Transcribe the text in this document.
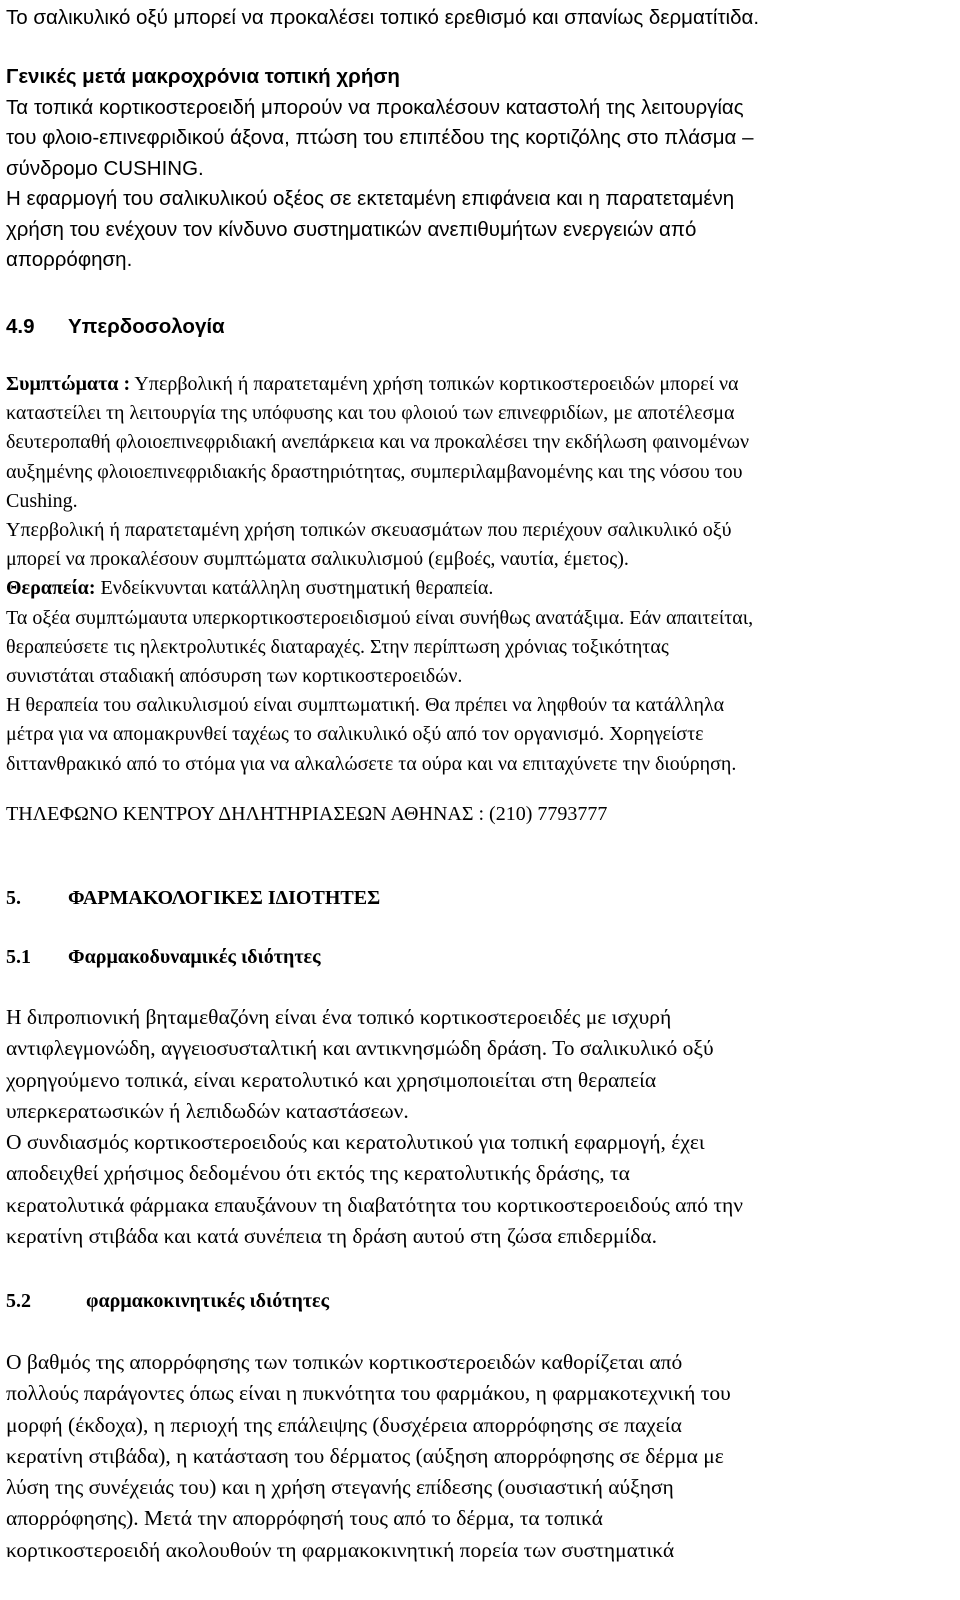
Το σαλικυλικό οξύ μπορεί να προκαλέσει τοπικό ερεθισμό και σπανίως δερματίτιδα.

Γενικές μετά μακροχρόνια τοπική χρήση
Τα τοπικά κορτικοστεροειδή μπορούν να προκαλέσουν καταστολή της λειτουργίας
του φλοιο-επινεφριδικού άξονα, πτώση του επιπέδου της κορτιζόλης στο πλάσμα –
σύνδρομο CUSHING.
Η εφαρμογή του σαλικυλικού οξέος σε εκτεταμένη επιφάνεια και η παρατεταμένη
χρήση του ενέχουν τον κίνδυνο συστηματικών ανεπιθυμήτων ενεργειών από
απορρόφηση.
4.9 Υπερδοσολογία
Συμπτώματα : Υπερβολική ή παρατεταμένη χρήση τοπικών κορτικοστεροειδών μπορεί να
καταστείλει τη λειτουργία της υπόφυσης και του φλοιού των επινεφριδίων, με αποτέλεσμα
δευτεροπαθή φλοιοεπινεφριδιακή ανεπάρκεια και να προκαλέσει την εκδήλωση φαινομένων
αυξημένης φλοιοεπινεφριδιακής δραστηριότητας, συμπεριλαμβανομένης και της νόσου του
Cushing.
Υπερβολική ή παρατεταμένη χρήση τοπικών σκευασμάτων που περιέχουν σαλικυλικό οξύ
μπορεί να προκαλέσουν συμπτώματα σαλικυλισμού (εμβοές, ναυτία, έμετος).
Θεραπεία: Ενδείκνυνται κατάλληλη συστηματική θεραπεία.
Τα οξέα συμπτώμαυτα υπερκορτικοστεροειδισμού είναι συνήθως ανατάξιμα. Εάν απαιτείται,
θεραπεύσετε τις ηλεκτρολυτικές διαταραχές. Στην περίπτωση χρόνιας τοξικότητας
συνιστάται σταδιακή απόσυρση των κορτικοστεροειδών.
Η θεραπεία του σαλικυλισμού είναι συμπτωματική. Θα πρέπει να ληφθούν τα κατάλληλα
μέτρα για να απομακρυνθεί ταχέως το σαλικυλικό οξύ από τον οργανισμό. Χορηγείστε
διττανθρακικό από το στόμα για να αλκαλώσετε τα ούρα και να επιταχύνετε την διούρηση.
ΤΗΛΕΦΩΝΟ ΚΕΝΤΡΟΥ ΔΗΛΗΤΗΡΙΑΣΕΩΝ ΑΘΗΝΑΣ : (210) 7793777
5. ΦΑΡΜΑΚΟΛΟΓΙΚΕΣ ΙΔΙΟΤΗΤΕΣ
5.1 Φαρμακοδυναμικές ιδιότητες
Η διπροπιονική βηταμεθαζόνη είναι ένα τοπικό κορτικοστεροειδές με ισχυρή
αντιφλεγμονώδη, αγγειοσυσταλτική και αντικνησμώδη δράση. Το σαλικυλικό οξύ
χορηγούμενο τοπικά, είναι κερατολυτικό και χρησιμοποιείται στη θεραπεία
υπερκερατωσικών ή λεπιδωδών καταστάσεων.
Ο συνδιασμός κορτικοστεροειδούς και κερατολυτικού για τοπική εφαρμογή, έχει
αποδειχθεί χρήσιμος δεδομένου ότι εκτός της κερατολυτικής δράσης, τα
κερατολυτικά φάρμακα επαυξάνουν τη διαβατότητα του κορτικοστεροειδούς από την
κερατίνη στιβάδα και κατά συνέπεια τη δράση αυτού στη ζώσα επιδερμίδα.
5.2	φαρμακοκινητικές ιδιότητες
Ο βαθμός της απορρόφησης των τοπικών κορτικοστεροειδών καθορίζεται από
πολλούς παράγοντες όπως είναι η πυκνότητα του φαρμάκου, η φαρμακοτεχνική του
μορφή (έκδοχα), η περιοχή της επάλειψης (δυσχέρεια απορρόφησης σε παχεία
κερατίνη στιβάδα), η κατάσταση του δέρματος (αύξηση απορρόφησης σε δέρμα με
λύση της συνέχειάς του) και η χρήση στεγανής επίδεσης (ουσιαστική αύξηση
απορρόφησης). Μετά την απορρόφησή τους από το δέρμα, τα τοπικά
κορτικοστεροειδή ακολουθούν τη φαρμακοκινητική πορεία των συστηματικά
